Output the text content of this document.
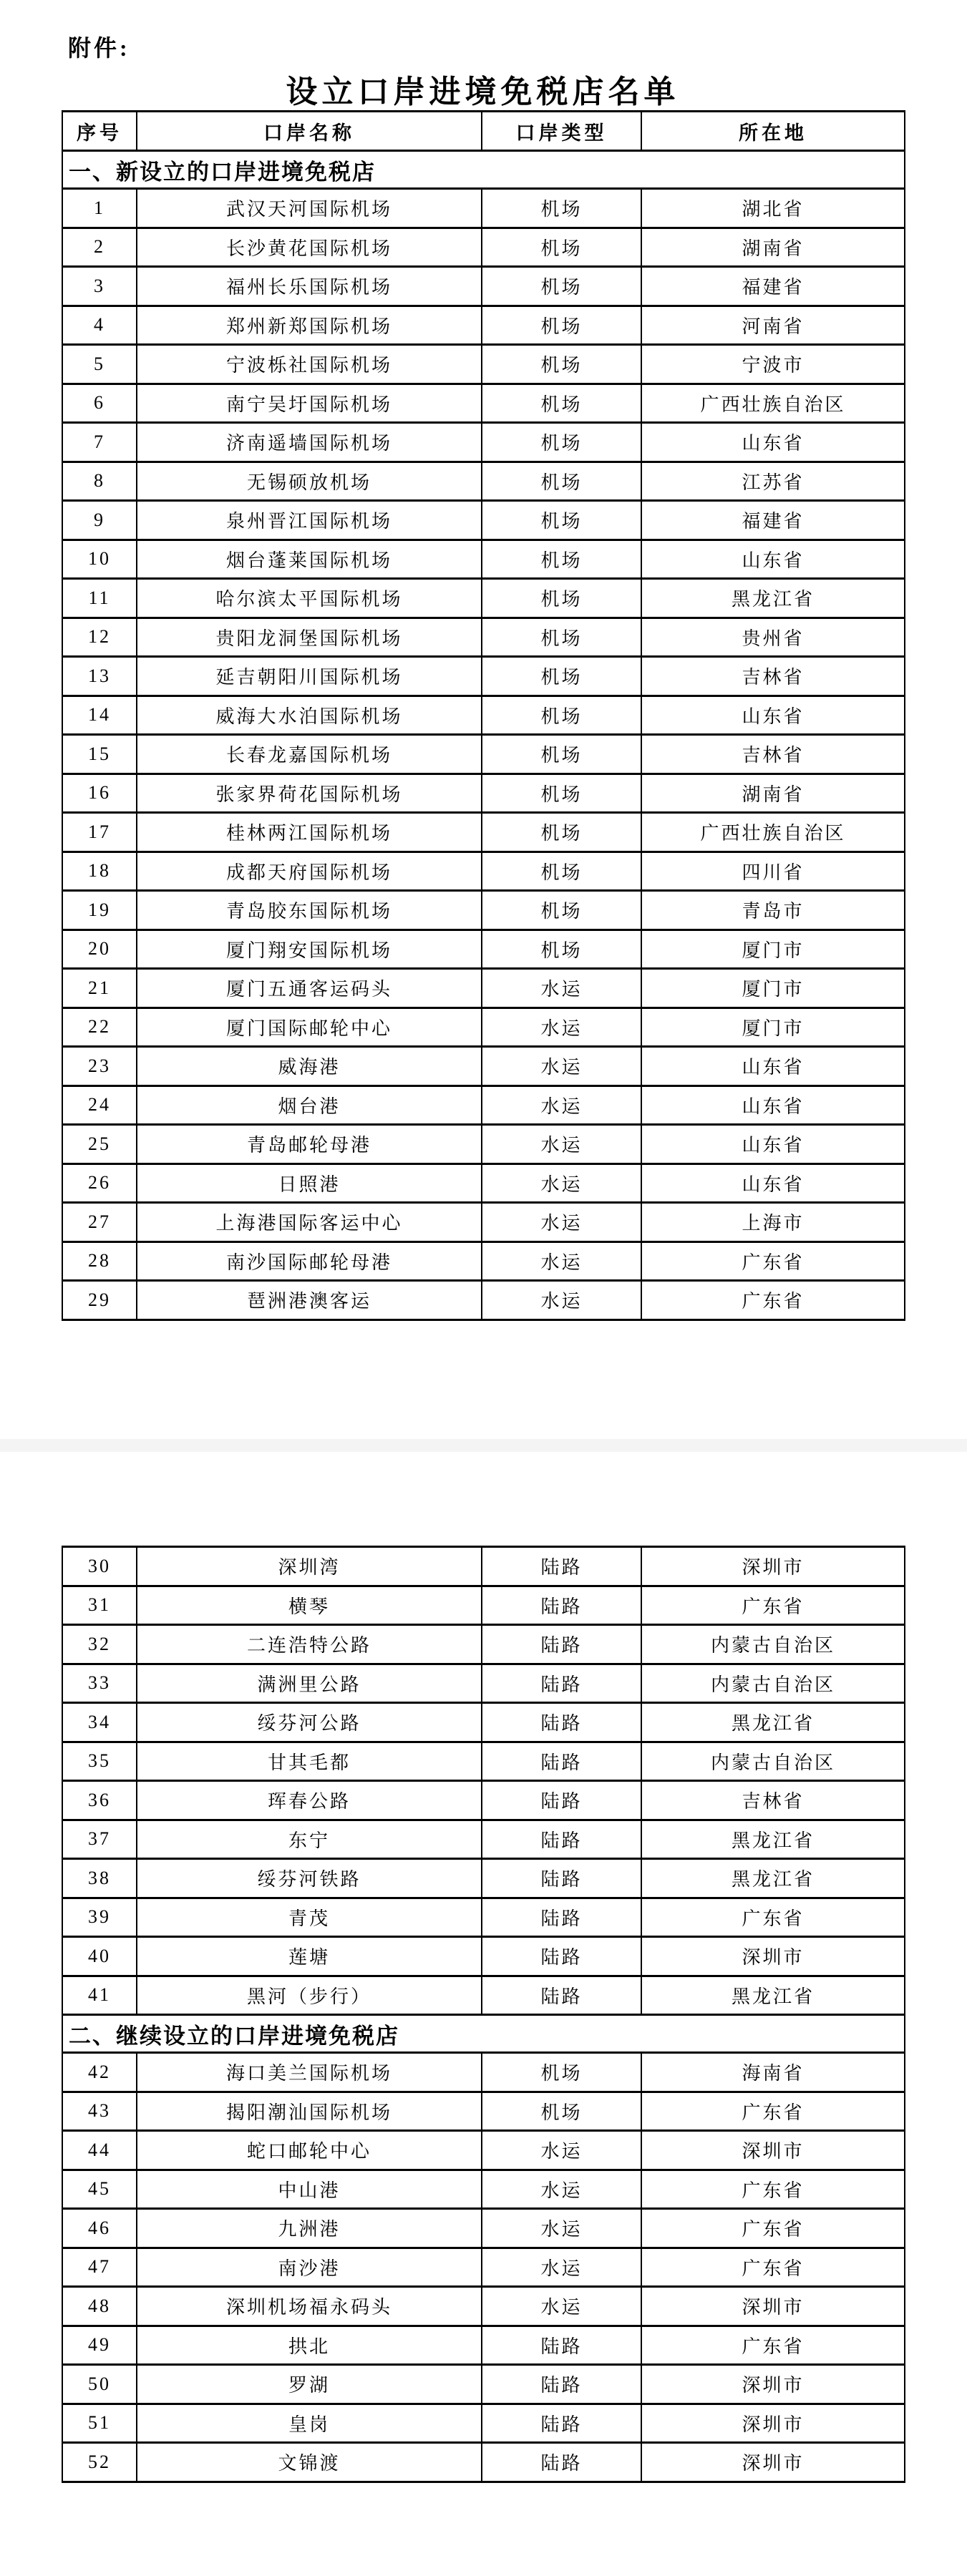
附件:
设立口岸进境免税店名单
序号	口岸名称	口岸类型	所在地
一、新设立的口岸进境免税店			
1	武汉天河国际机场	机场	湖北省
2	长沙黄花国际机场	机场	湖南省
3	福州长乐国际机场	机场	福建省
4	郑州新郑国际机场	机场	河南省
5	宁波栎社国际机场	机场	宁波市
6	南宁吴圩国际机场	机场	广西壮族自治区
7	济南遥墙国际机场	机场	山东省
8	无锡硕放机场	机场	江苏省
9	泉州晋江国际机场	机场	福建省
10	烟台蓬莱国际机场	机场	山东省
11	哈尔滨太平国际机场	机场	黑龙江省
12	贵阳龙洞堡国际机场	机场	贵州省
13	延吉朝阳川国际机场	机场	吉林省
14	威海大水泊国际机场	机场	山东省
15	长春龙嘉国际机场	机场	吉林省
16	张家界荷花国际机场	机场	湖南省
17	桂林两江国际机场	机场	广西壮族自治区
18	成都天府国际机场	机场	四川省
19	青岛胶东国际机场	机场	青岛市
20	厦门翔安国际机场	机场	厦门市
21	厦门五通客运码头	水运	厦门市
22	厦门国际邮轮中心	水运	厦门市
23	威海港	水运	山东省
24	烟台港	水运	山东省
25	青岛邮轮母港	水运	山东省
26	日照港	水运	山东省
27	上海港国际客运中心	水运	上海市
28	南沙国际邮轮母港	水运	广东省
29	琶洲港澳客运	水运	广东省
30	深圳湾	陆路	深圳市
31	横琴	陆路	广东省
32	二连浩特公路	陆路	内蒙古自治区
33	满洲里公路	陆路	内蒙古自治区
34	绥芬河公路	陆路	黑龙江省
35	甘其毛都	陆路	内蒙古自治区
36	珲春公路	陆路	吉林省
37	东宁	陆路	黑龙江省
38	绥芬河铁路	陆路	黑龙江省
39	青茂	陆路	广东省
40	莲塘	陆路	深圳市
41	黑河（步行）	陆路	黑龙江省
二、继续设立的口岸进境免税店			
42	海口美兰国际机场	机场	海南省
43	揭阳潮汕国际机场	机场	广东省
44	蛇口邮轮中心	水运	深圳市
45	中山港	水运	广东省
46	九洲港	水运	广东省
47	南沙港	水运	广东省
48	深圳机场福永码头	水运	深圳市
49	拱北	陆路	广东省
50	罗湖	陆路	深圳市
51	皇岗	陆路	深圳市
52	文锦渡	陆路	深圳市
